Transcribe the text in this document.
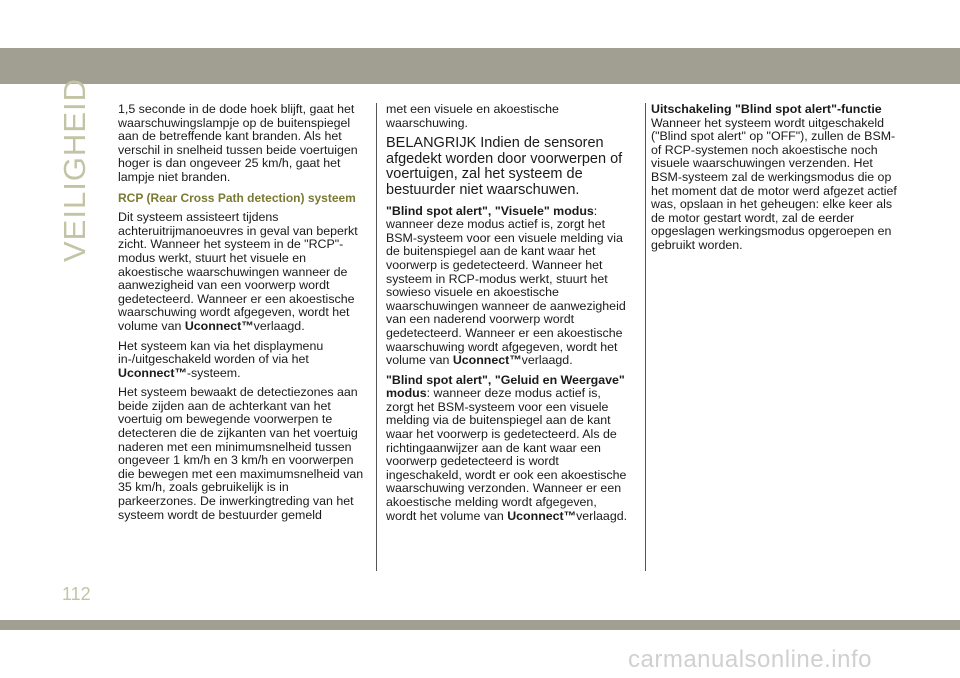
VEILIGHEID 1,5 seconde in de dode hoek blijft, gaat het waarschuwingslampje op de buitenspiegel aan de betreffende kant branden. Als het verschil in snelheid tussen beide voertuigen hoger is dan ongeveer 25 km/h, gaat het lampje niet branden.

RCP (Rear Cross Path detection) systeem

Dit systeem assisteert tijdens achteruitrijmanoeuvres in geval van beperkt zicht. Wanneer het systeem in de "RCP"-modus werkt, stuurt het visuele en akoestische waarschuwingen wanneer de aanwezigheid van een voorwerp wordt gedetecteerd. Wanneer er een akoestische waarschuwing wordt afgegeven, wordt het volume van Uconnect™verlaagd.

Het systeem kan via het displaymenu in-/uitgeschakeld worden of via het Uconnect™-systeem.

Het systeem bewaakt de detectiezones aan beide zijden aan de achterkant van het voertuig om bewegende voorwerpen te detecteren die de zijkanten van het voertuig naderen met een minimumsnelheid tussen ongeveer 1 km/h en 3 km/h en voorwerpen die bewegen met een maximumsnelheid van 35 km/h, zoals gebruikelijk is in parkeerzones. De inwerkingtreding van het systeem wordt de bestuurder gemeld

met een visuele en akoestische waarschuwing.

BELANGRIJK Indien de sensoren afgedekt worden door voorwerpen of voertuigen, zal het systeem de bestuurder niet waarschuwen.

"Blind spot alert", "Visuele" modus: wanneer deze modus actief is, zorgt het BSM-systeem voor een visuele melding via de buitenspiegel aan de kant waar het voorwerp is gedetecteerd. Wanneer het systeem in RCP-modus werkt, stuurt het sowieso visuele en akoestische waarschuwingen wanneer de aanwezigheid van een naderend voorwerp wordt gedetecteerd. Wanneer er een akoestische waarschuwing wordt afgegeven, wordt het volume van Uconnect™verlaagd.

"Blind spot alert", "Geluid en Weergave" modus: wanneer deze modus actief is, zorgt het BSM-systeem voor een visuele melding via de buitenspiegel aan de kant waar het voorwerp is gedetecteerd. Als de richtingaanwijzer aan de kant waar een voorwerp gedetecteerd is wordt ingeschakeld, wordt er ook een akoestische waarschuwing verzonden. Wanneer er een akoestische melding wordt afgegeven, wordt het volume van Uconnect™verlaagd.

Uitschakeling "Blind spot alert"-functie

Wanneer het systeem wordt uitgeschakeld ("Blind spot alert" op "OFF"), zullen de BSM- of RCP-systemen noch akoestische noch visuele waarschuwingen verzenden. Het BSM-systeem zal de werkingsmodus die op het moment dat de motor werd afgezet actief was, opslaan in het geheugen: elke keer als de motor gestart wordt, zal de eerder opgeslagen werkingsmodus opgeroepen en gebruikt worden.

112
carmanualsonline.info
